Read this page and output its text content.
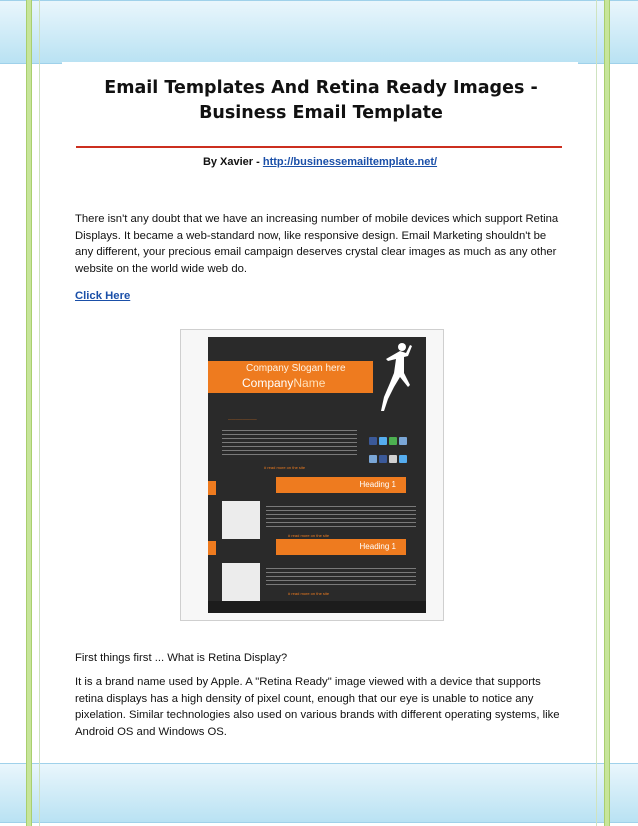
Email Templates And Retina Ready Images - Business Email Template
By Xavier - http://businessemailtemplate.net/

There isn't any doubt that we have an increasing number of mobile devices which support Retina Displays. It became a web-standard now, like responsive design. Email Marketing shouldn't be any different, your precious email campaign deserves crystal clear images as much as any other website on the world wide web do.

Click Here
Company Slogan here
CompanyName
————————

# read more on the site
Heading 1
# read more on the site
Heading 1
# read more on the site

First things first ... What is Retina Display?

It is a brand name used by Apple. A "Retina Ready" image viewed with a device that supports retina displays has a high density of pixel count, enough that our eye is unable to notice any pixelation. Similar technologies also used on various brands with different operating systems, like Android OS and Windows OS.
